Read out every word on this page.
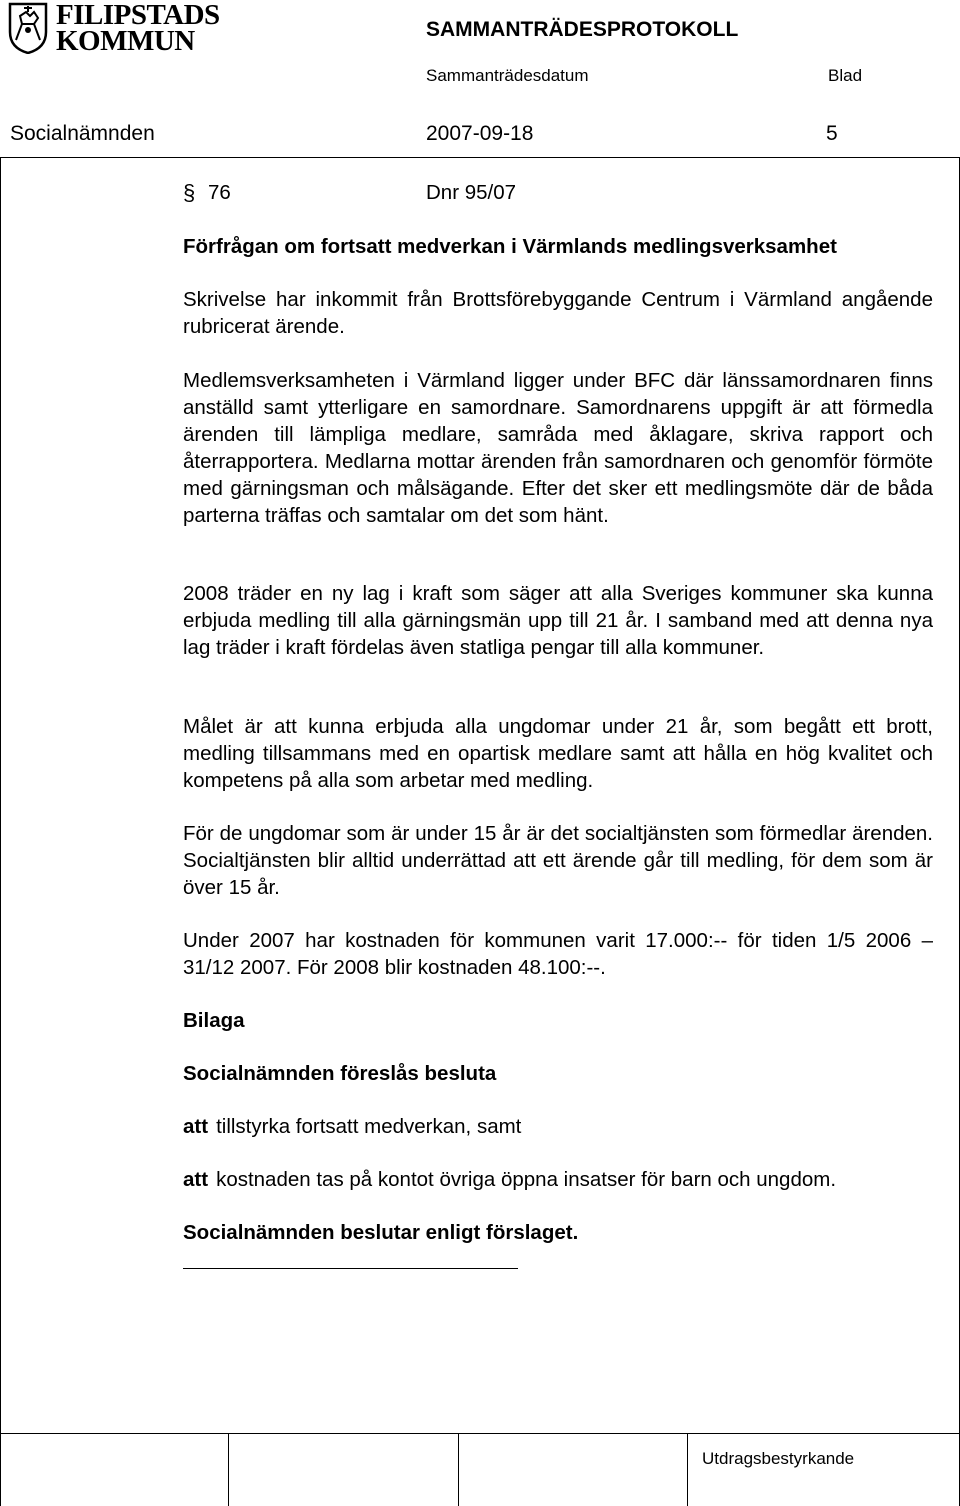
FILIPSTADS
KOMMUN	SAMMANTRÄDESPROTOKOLL
Sammanträdesdatum	Blad
Socialnämnden	2007-09-18	5
Utdragsbestyrkande
§ 76	Dnr 95/07
Förfrågan om fortsatt medverkan i Värmlands medlingsverksamhet

Skrivelse har inkommit från Brottsförebyggande Centrum i Värmland angående rubricerat ärende.

Medlemsverksamheten i Värmland ligger under BFC där länssamordnaren finns anställd samt ytterligare en samordnare. Samordnarens uppgift är att förmedla ärenden till lämpliga medlare, samråda med åklagare, skriva rapport och återrapportera. Medlarna mottar ärenden från samordnaren och genomför förmöte med gärningsman och målsägande. Efter det sker ett medlingsmöte där de båda parterna träffas och samtalar om det som hänt.

2008 träder en ny lag i kraft som säger att alla Sveriges kommuner ska kunna erbjuda medling till alla gärningsmän upp till 21 år. I samband med att denna nya lag träder i kraft fördelas även statliga pengar till alla kommuner.

Målet är att kunna erbjuda alla ungdomar under 21 år, som begått ett brott, medling tillsammans med en opartisk medlare samt att hålla en hög kvalitet och kompetens på alla som arbetar med medling.

För de ungdomar som är under 15 år är det socialtjänsten som förmedlar ärenden. Socialtjänsten blir alltid underrättad att ett ärende går till medling, för dem som är över 15 år.

Under 2007 har kostnaden för kommunen varit 17.000:-- för tiden 1/5 2006 – 31/12 2007. För 2008 blir kostnaden 48.100:--.

Bilaga
Socialnämnden föreslås besluta
att tillstyrka fortsatt medverkan, samt
att kostnaden tas på kontot övriga öppna insatser för barn och ungdom.
Socialnämnden beslutar enligt förslaget.
